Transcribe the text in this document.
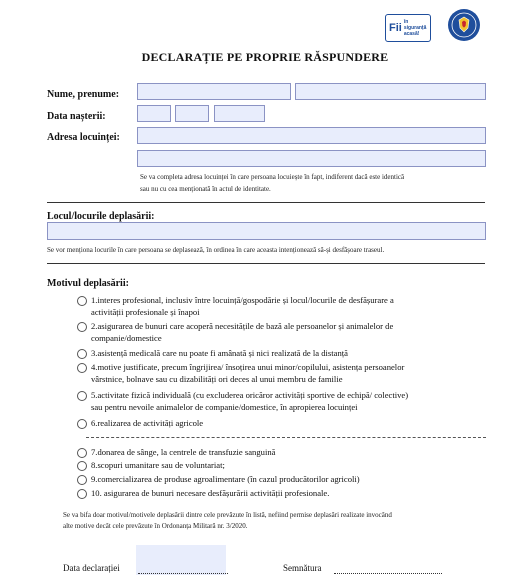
Fii în siguranță
acasă!
DECLARAȚIE PE PROPRIE RĂSPUNDERE
Nume, prenume:
Data nașterii:
Adresa locuinței:
Se va completa adresa locuinței în care persoana locuiește în fapt, indiferent dacă este identică
sau nu cu cea menționată în actul de identitate.
Locul/locurile deplasării:
Se vor menționa locurile în care persoana se deplasează, în ordinea în care aceasta intenționează să-și desfășoare traseul.
Motivul deplasării:
1.interes profesional, inclusiv între locuință/gospodărie și locul/locurile de desfășurare a
activității profesionale și înapoi
2.asigurarea de bunuri care acoperă necesitățile de bază ale persoanelor și animalelor de
companie/domestice
3.asistență medicală care nu poate fi amânată și nici realizată de la distanță
4.motive justificate, precum îngrijirea/ însoțirea unui minor/copilului, asistența persoanelor
vârstnice, bolnave sau cu dizabilități ori deces al unui membru de familie
5.activitate fizică individuală (cu excluderea oricăror activități sportive de echipă/ colective)
sau pentru nevoile animalelor de companie/domestice, în apropierea locuinței
6.realizarea de activități agricole
7.donarea de sânge, la centrele de transfuzie sanguină
8.scopuri umanitare sau de voluntariat;
9.comercializarea de produse agroalimentare (în cazul producătorilor agricoli)
10. asigurarea de bunuri necesare desfășurării activității profesionale.
Se va bifa doar motivul/motivele deplasării dintre cele prevăzute în listă, nefiind permise deplasări realizate invocând
alte motive decât cele prevăzute în Ordonanța Militară nr. 3/2020.
Data declarației	Semnătura
